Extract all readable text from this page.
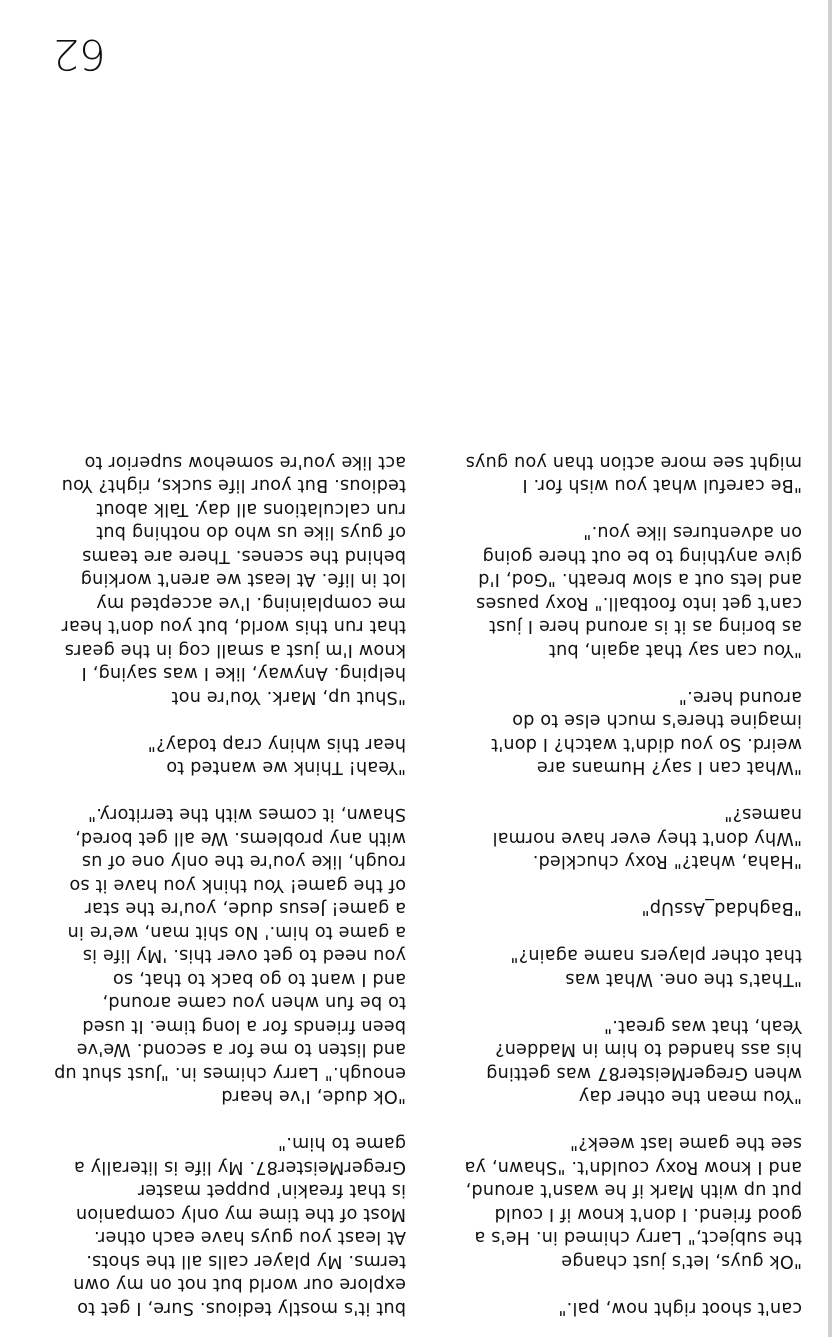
can't shoot right now, pal."

"Ok guys, let's just change
the subject," Larry chimed in. He's a
good friend. I don't know if I could
put up with Mark if he wasn't around,
and I know Roxy couldn't. "Shawn, ya
see the game last week?"

"You mean the other day
when GregerMeister87 was getting
his ass handed to him in Madden?
Yeah, that was great."

"That's the one. What was
that other players name again?"

"Baghdad_AssUp"

"Haha, what?" Roxy chuckled.
"Why don't they ever have normal
names?"

"What can I say? Humans are
weird. So you didn't watch? I don't
imagine there's much else to do
around here."

"You can say that again, but
as boring as it is around here I just
can't get into football." Roxy pauses
and lets out a slow breath. "God, I'd
give anything to be out there going
on adventures like you."

"Be careful what you wish for. I
might see more action than you guys

but it's mostly tedious. Sure, I get to
explore our world but not on my own
terms. My player calls all the shots.
At least you guys have each other.
Most of the time my only companion
is that freakin' puppet master
GregerMeister87. My life is literally a
game to him."

"Ok dude, I've heard
enough." Larry chimes in. "Just shut up
and listen to me for a second. We've
been friends for a long time. It used
to be fun when you came around,
and I want to go back to that, so
you need to get over this. 'My life is
a game to him.' No shit man, we're in
a game! Jesus dude, you're the star
of the game! You think you have it so
rough, like you're the only one of us
with any problems. We all get bored,
Shawn, it comes with the territory."

"Yeah! Think we wanted to
hear this whiny crap today?"

"Shut up, Mark. You're not
helping. Anyway, like I was saying, I
know I'm just a small cog in the gears
that run this world, but you don't hear
me complaining. I've accepted my
lot in life. At least we aren't working
behind the scenes. There are teams
of guys like us who do nothing but
run calculations all day. Talk about
tedious. But your life sucks, right? You
act like you're somehow superior to

62
